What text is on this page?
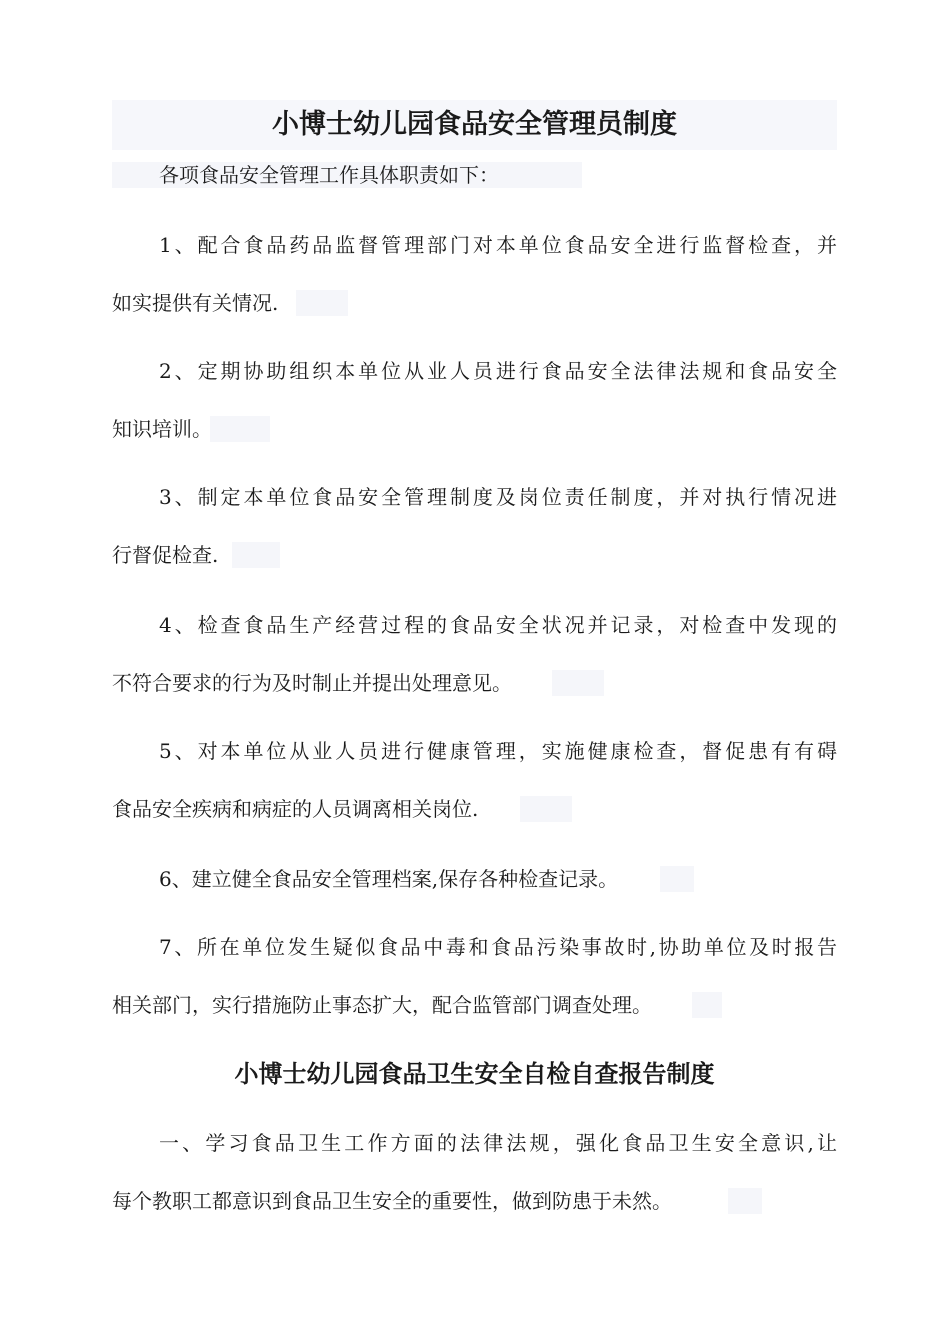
小博士幼儿园食品安全管理员制度

各项食品安全管理工作具体职责如下：

1、配合食品药品监督管理部门对本单位食品安全进行监督检查，并

如实提供有关情况.

2、定期协助组织本单位从业人员进行食品安全法律法规和食品安全

知识培训。

3、制定本单位食品安全管理制度及岗位责任制度，并对执行情况进

行督促检查.

4、检查食品生产经营过程的食品安全状况并记录，对检查中发现的

不符合要求的行为及时制止并提出处理意见。

5、对本单位从业人员进行健康管理，实施健康检查，督促患有有碍

食品安全疾病和病症的人员调离相关岗位.

6、建立健全食品安全管理档案,保存各种检查记录。

7、所在单位发生疑似食品中毒和食品污染事故时,协助单位及时报告

相关部门，实行措施防止事态扩大，配合监管部门调查处理。

小博士幼儿园食品卫生安全自检自查报告制度

一、学习食品卫生工作方面的法律法规，强化食品卫生安全意识,让

每个教职工都意识到食品卫生安全的重要性，做到防患于未然。
